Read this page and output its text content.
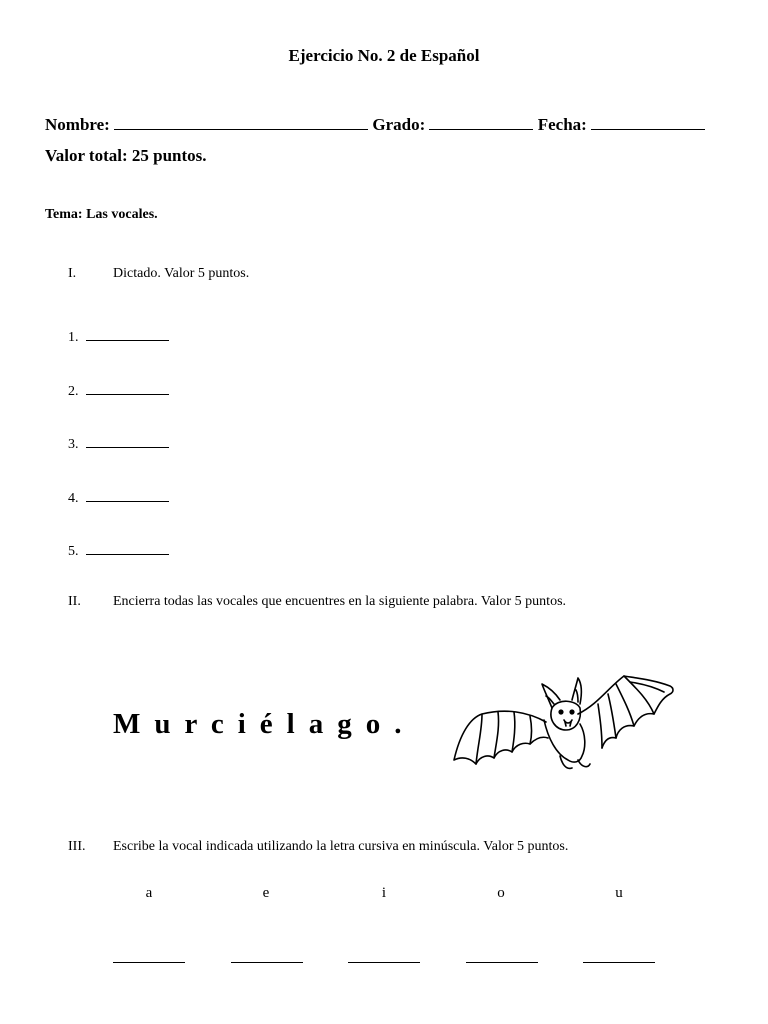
Ejercicio No. 2 de Español
Nombre:	Grado:	Fecha:
Valor total: 25 puntos.
Tema: Las vocales.
I.	Dictado. Valor 5 puntos.
1.
2.
3.
4.
5.
II. Encierra todas las vocales que encuentres en la siguiente palabra. Valor 5 puntos.
Murciélago.
III. Escribe la vocal indicada utilizando la letra cursiva en minúscula. Valor 5 puntos.
a	e	i	o	u
